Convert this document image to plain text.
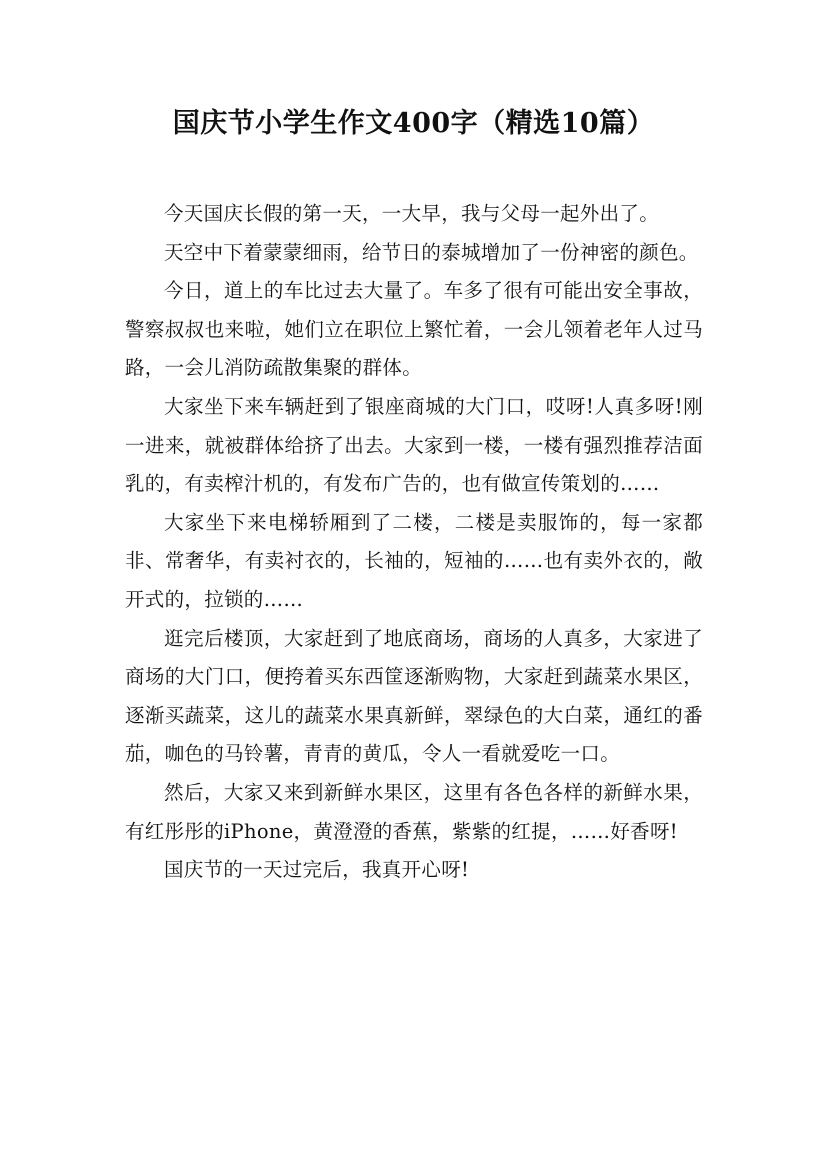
国庆节小学生作文400字（精选10篇）

今天国庆长假的第一天，一大早，我与父母一起外出了。

天空中下着蒙蒙细雨，给节日的泰城增加了一份神密的颜色。

今日，道上的车比过去大量了。车多了很有可能出安全事故，警察叔叔也来啦，她们立在职位上繁忙着，一会儿领着老年人过马路，一会儿消防疏散集聚的群体。

大家坐下来车辆赶到了银座商城的大门口，哎呀!人真多呀!刚一进来，就被群体给挤了出去。大家到一楼，一楼有强烈推荐洁面乳的，有卖榨汁机的，有发布广告的，也有做宣传策划的……

大家坐下来电梯轿厢到了二楼，二楼是卖服饰的，每一家都非、常奢华，有卖衬衣的，长袖的，短袖的……也有卖外衣的，敞开式的，拉锁的……

逛完后楼顶，大家赶到了地底商场，商场的人真多，大家进了商场的大门口，便挎着买东西筐逐渐购物，大家赶到蔬菜水果区，逐渐买蔬菜，这儿的蔬菜水果真新鲜，翠绿色的大白菜，通红的番茄，咖色的马铃薯，青青的黄瓜，令人一看就爱吃一口。

然后，大家又来到新鲜水果区，这里有各色各样的新鲜水果，有红彤彤的iPhone，黄澄澄的香蕉，紫紫的红提，……好香呀!

国庆节的一天过完后，我真开心呀!
